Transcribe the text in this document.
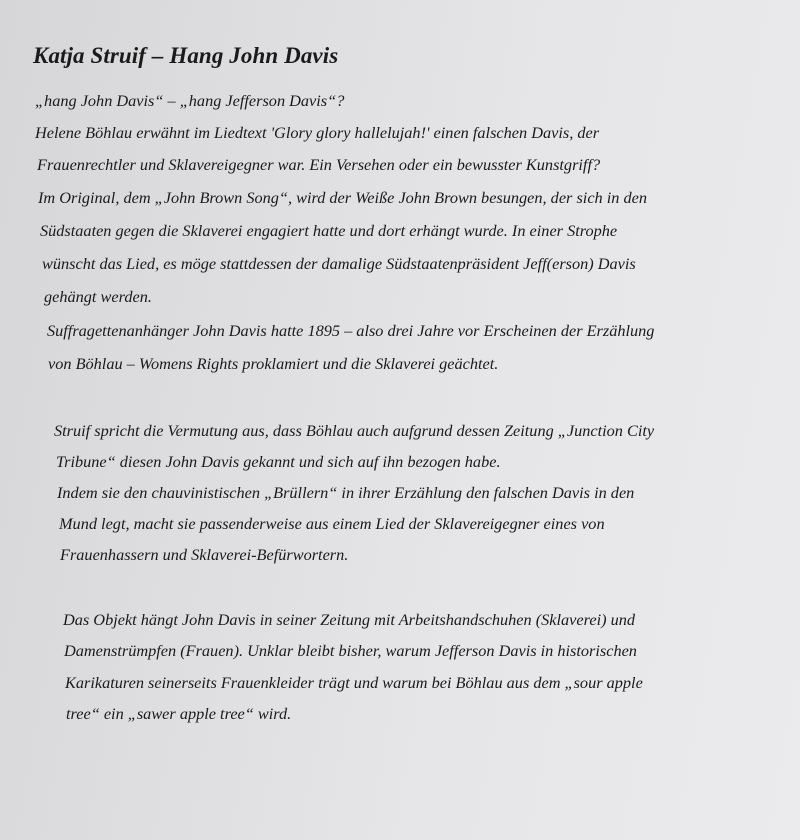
Katja Struif – Hang John Davis

„hang John Davis“ – „hang Jefferson Davis“?

Helene Böhlau erwähnt im Liedtext 'Glory glory hallelujah!' einen falschen Davis, der

Frauenrechtler und Sklavereigegner war. Ein Versehen oder ein bewusster Kunstgriff?

Im Original, dem „John Brown Song“, wird der Weiße John Brown besungen, der sich in den

Südstaaten gegen die Sklaverei engagiert hatte und dort erhängt wurde. In einer Strophe

wünscht das Lied, es möge stattdessen der damalige Südstaatenpräsident Jeff(erson) Davis

gehängt werden.

Suffragettenanhänger John Davis hatte 1895 – also drei Jahre vor Erscheinen der Erzählung

von Böhlau – Womens Rights proklamiert und die Sklaverei geächtet.

Struif spricht die Vermutung aus, dass Böhlau auch aufgrund dessen Zeitung „Junction City

Tribune“ diesen John Davis gekannt und sich auf ihn bezogen habe.

Indem sie den chauvinistischen „Brüllern“ in ihrer Erzählung den falschen Davis in den

Mund legt, macht sie passenderweise aus einem Lied der Sklavereigegner eines von

Frauenhassern und Sklaverei-Befürwortern.

Das Objekt hängt John Davis in seiner Zeitung mit Arbeitshandschuhen (Sklaverei) und

Damenstrümpfen (Frauen). Unklar bleibt bisher, warum Jefferson Davis in historischen

Karikaturen seinerseits Frauenkleider trägt und warum bei Böhlau aus dem „sour apple

tree“ ein „sawer apple tree“ wird.
